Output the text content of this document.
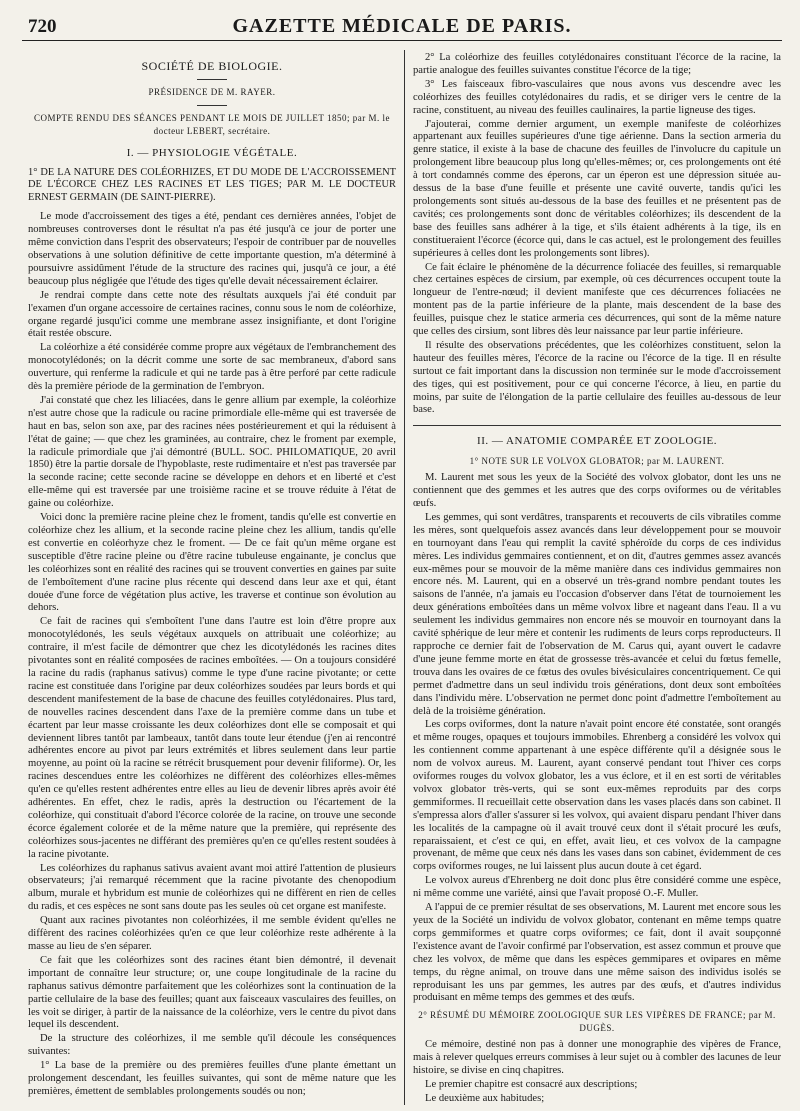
720	GAZETTE MÉDICALE DE PARIS.

SOCIÉTÉ DE BIOLOGIE.

PRÉSIDENCE DE M. RAYER.

COMPTE RENDU DES SÉANCES PENDANT LE MOIS DE JUILLET 1850; par M. le docteur LEBERT, secrétaire.

I. — PHYSIOLOGIE VÉGÉTALE.

1° DE LA NATURE DES COLÉORHIZES, ET DU MODE DE L'ACCROISSEMENT DE L'ÉCORCE CHEZ LES RACINES ET LES TIGES; PAR M. LE DOCTEUR ERNEST GERMAIN (DE SAINT-PIERRE).

Le mode d'accroissement des tiges a été, pendant ces dernières années, l'objet de nombreuses controverses dont le résultat n'a pas été jusqu'à ce jour de porter une même conviction dans l'esprit des observateurs; l'espoir de contribuer par de nouvelles observations à une solution définitive de cette importante question, m'a déterminé à poursuivre assidûment l'étude de la structure des racines qui, jusqu'à ce jour, a été beaucoup plus négligée que l'étude des tiges qu'elle devait nécessairement éclairer.

Je rendrai compte dans cette note des résultats auxquels j'ai été conduit par l'examen d'un organe accessoire de certaines racines, connu sous le nom de coléorhize, organe regardé jusqu'ici comme une membrane assez insignifiante, et dont l'origine était restée obscure.

La coléorhize a été considérée comme propre aux végétaux de l'embranchement des monocotylédonés; on la décrit comme une sorte de sac membraneux, d'abord sans ouverture, qui renferme la radicule et qui ne tarde pas à être perforé par cette radicule dès la première période de la germination de l'embryon.

J'ai constaté que chez les liliacées, dans le genre allium par exemple, la coléorhize n'est autre chose que la radicule ou racine primordiale elle-même qui est traversée de haut en bas, selon son axe, par des racines nées postérieurement et qui la réduisent à l'état de gaine; — que chez les graminées, au contraire, chez le froment par exemple, la radicule primordiale que j'ai démontré (BULL. SOC. PHILOMATIQUE, 20 avril 1850) être la partie dorsale de l'hypoblaste, reste rudimentaire et n'est pas traversée par la seconde racine; cette seconde racine se développe en dehors et en liberté et c'est elle-même qui est traversée par une troisième racine et se trouve réduite à l'état de gaine ou coléorhize.

Voici donc la première racine pleine chez le froment, tandis qu'elle est convertie en coléorhize chez les allium, et la seconde racine pleine chez les allium, tandis qu'elle est convertie en coléorhyze chez le froment. — De ce fait qu'un même organe est susceptible d'être racine pleine ou d'être racine tubuleuse engainante, je conclus que les coléorhizes sont en réalité des racines qui se trouvent converties en gaines par suite de l'emboîtement d'une racine plus récente qui descend dans leur axe et qui, étant douée d'une force de végétation plus active, les traverse et continue son évolution au dehors.

Ce fait de racines qui s'emboîtent l'une dans l'autre est loin d'être propre aux monocotylédonés, les seuls végétaux auxquels on attribuait une coléorhize; au contraire, il m'est facile de démontrer que chez les dicotylédonés les racines dites pivotantes sont en réalité composées de racines emboîtées. — On a toujours considéré la racine du radis (raphanus sativus) comme le type d'une racine pivotante; or cette racine est constituée dans l'origine par deux coléorhizes soudées par leurs bords et qui descendent manifestement de la base de chacune des feuilles cotylédonaires. Plus tard, de nouvelles racines descendent dans l'axe de la première comme dans un tube et écartent par leur masse croissante les deux coléorhizes dont elle se composait et qui deviennent libres tantôt par lambeaux, tantôt dans toute leur étendue (j'en ai rencontré adhérentes encore au pivot par leurs extrémités et libres seulement dans leur partie moyenne, au point où la racine se rétrécit brusquement pour devenir filiforme). Or, les racines descendues entre les coléorhizes ne diffèrent des coléorhizes elles-mêmes qu'en ce qu'elles restent adhérentes entre elles au lieu de devenir libres après avoir été adhérentes. En effet, chez le radis, après la destruction ou l'écartement de la coléorhize, qui constituait d'abord l'écorce colorée de la racine, on trouve une seconde écorce également colorée et de la même nature que la première, qui représente des coléorhizes sous-jacentes ne différant des premières qu'en ce qu'elles restent soudées à la racine pivotante.

Les coléorhizes du raphanus sativus avaient avant moi attiré l'attention de plusieurs observateurs; j'ai remarqué récemment que la racine pivotante des chenopodium album, murale et hybridum est munie de coléorhizes qui ne diffèrent en rien de celles du radis, et ces espèces ne sont sans doute pas les seules où cet organe est manifeste.

Quant aux racines pivotantes non coléorhizées, il me semble évident qu'elles ne diffèrent des racines coléorhizées qu'en ce que leur coléorhize reste adhérente à la masse au lieu de s'en séparer.

Ce fait que les coléorhizes sont des racines étant bien démontré, il devenait important de connaître leur structure; or, une coupe longitudinale de la racine du raphanus sativus démontre parfaitement que les coléorhizes sont la continuation de la partie cellulaire de la base des feuilles; quant aux faisceaux vasculaires des feuilles, on les voit se diriger, à partir de la naissance de la coléorhize, vers le centre du pivot dans lequel ils descendent.

De la structure des coléorhizes, il me semble qu'il découle les conséquences suivantes:

1° La base de la première ou des premières feuilles d'une plante émettant un prolongement descendant, les feuilles suivantes, qui sont de même nature que les premières, émettent de semblables prolongements soudés ou non;

2° La coléorhize des feuilles cotylédonaires constituant l'écorce de la racine, la partie analogue des feuilles suivantes constitue l'écorce de la tige;

3° Les faisceaux fibro-vasculaires que nous avons vus descendre avec les coléorhizes des feuilles cotylédonaires du radis, et se diriger vers le centre de la racine, constituent, au niveau des feuilles caulinaires, la partie ligneuse des tiges.

J'ajouterai, comme dernier argument, un exemple manifeste de coléorhizes appartenant aux feuilles supérieures d'une tige aérienne. Dans la section armeria du genre statice, il existe à la base de chacune des feuilles de l'involucre du capitule un prolongement libre beaucoup plus long qu'elles-mêmes; or, ces prolongements ont été à tort condamnés comme des éperons, car un éperon est une dépression située au-dessus de la base d'une feuille et présente une cavité ouverte, tandis qu'ici les prolongements sont situés au-dessous de la base des feuilles et ne présentent pas de cavités; ces prolongements sont donc de véritables coléorhizes; ils descendent de la base des feuilles sans adhérer à la tige, et s'ils étaient adhérents à la tige, ils en constitueraient l'écorce (écorce qui, dans le cas actuel, est le prolongement des feuilles supérieures à celles dont les prolongements sont libres).

Ce fait éclaire le phénomène de la décurrence foliacée des feuilles, si remarquable chez certaines espèces de cirsium, par exemple, où ces décurrences occupent toute la longueur de l'entre-nœud; il devient manifeste que ces décurrences foliacées ne montent pas de la partie inférieure de la plante, mais descendent de la base des feuilles, puisque chez le statice armeria ces décurrences, qui sont de la même nature que celles des cirsium, sont libres dès leur naissance par leur partie inférieure.

Il résulte des observations précédentes, que les coléorhizes constituent, selon la hauteur des feuilles mères, l'écorce de la racine ou l'écorce de la tige. Il en résulte surtout ce fait important dans la discussion non terminée sur le mode d'accroissement des tiges, qui est positivement, pour ce qui concerne l'écorce, à lieu, en partie du moins, par suite de l'élongation de la partie cellulaire des feuilles au-dessous de leur base.

II. — ANATOMIE COMPARÉE ET ZOOLOGIE.

1° NOTE SUR LE VOLVOX GLOBATOR; par M. LAURENT.

M. Laurent met sous les yeux de la Société des volvox globator, dont les uns ne contiennent que des gemmes et les autres que des corps oviformes ou de véritables œufs.

Les gemmes, qui sont verdâtres, transparents et recouverts de cils vibratiles comme les mères, sont quelquefois assez avancés dans leur développement pour se mouvoir en tournoyant dans l'eau qui remplit la cavité sphéroïde du corps de ces individus mères. Les individus gemmaires contiennent, et on dit, d'autres gemmes assez avancés eux-mêmes pour se mouvoir de la même manière dans ces individus gemmaires non encore nés. M. Laurent, qui en a observé un très-grand nombre pendant toutes les saisons de l'année, n'a jamais eu l'occasion d'observer dans l'état de tournoiement les deux générations emboîtées dans un même volvox libre et nageant dans l'eau. Il a vu seulement les individus gemmaires non encore nés se mouvoir en tournoyant dans la cavité sphérique de leur mère et contenir les rudiments de leurs corps reproducteurs. Il rapproche ce dernier fait de l'observation de M. Carus qui, ayant ouvert le cadavre d'une jeune femme morte en état de grossesse très-avancée et celui du fœtus femelle, trouva dans les ovaires de ce fœtus des ovules bivésiculaires concentriquement. Ce qui permet d'admettre dans un seul individu trois générations, dont deux sont emboîtées dans l'individu mère. L'observation ne permet donc point d'admettre l'emboîtement au delà de la troisième génération.

Les corps oviformes, dont la nature n'avait point encore été constatée, sont orangés et même rouges, opaques et toujours immobiles. Ehrenberg a considéré les volvox qui les contiennent comme appartenant à une espèce différente qu'il a désignée sous le nom de volvox aureus. M. Laurent, ayant conservé pendant tout l'hiver ces corps oviformes rouges du volvox globator, les a vus éclore, et il en est sorti de véritables volvox globator très-verts, qui se sont eux-mêmes reproduits par des corps gemmiformes. Il recueillait cette observation dans les vases placés dans son cabinet. Il s'empressa alors d'aller s'assurer si les volvox, qui avaient disparu pendant l'hiver dans les localités de la campagne où il avait trouvé ceux dont il s'était procuré les œufs, reparaissaient, et c'est ce qui, en effet, avait lieu, et ces volvox de la campagne provenant, de même que ceux nés dans les vases dans son cabinet, évidemment de ces corps oviformes rouges, ne lui laissent plus aucun doute à cet égard.

Le volvox aureus d'Ehrenberg ne doit donc plus être considéré comme une espèce, ni même comme une variété, ainsi que l'avait proposé O.-F. Muller.

A l'appui de ce premier résultat de ses observations, M. Laurent met encore sous les yeux de la Société un individu de volvox globator, contenant en même temps quatre corps gemmiformes et quatre corps oviformes; ce fait, dont il avait soupçonné l'existence avant de l'avoir confirmé par l'observation, est assez commun et prouve que chez les volvox, de même que dans les espèces gemmipares et ovipares en même temps, du règne animal, on trouve dans une même saison des individus isolés se reproduisant les uns par gemmes, les autres par des œufs, et d'autres individus produisant en même temps des gemmes et des œufs.

2° RÉSUMÉ DU MÉMOIRE ZOOLOGIQUE SUR LES VIPÈRES DE FRANCE; par M. DUGÈS.

Ce mémoire, destiné non pas à donner une monographie des vipères de France, mais à relever quelques erreurs commises à leur sujet ou à combler des lacunes de leur histoire, se divise en cinq chapitres.

Le premier chapitre est consacré aux descriptions;

Le deuxième aux habitudes;
